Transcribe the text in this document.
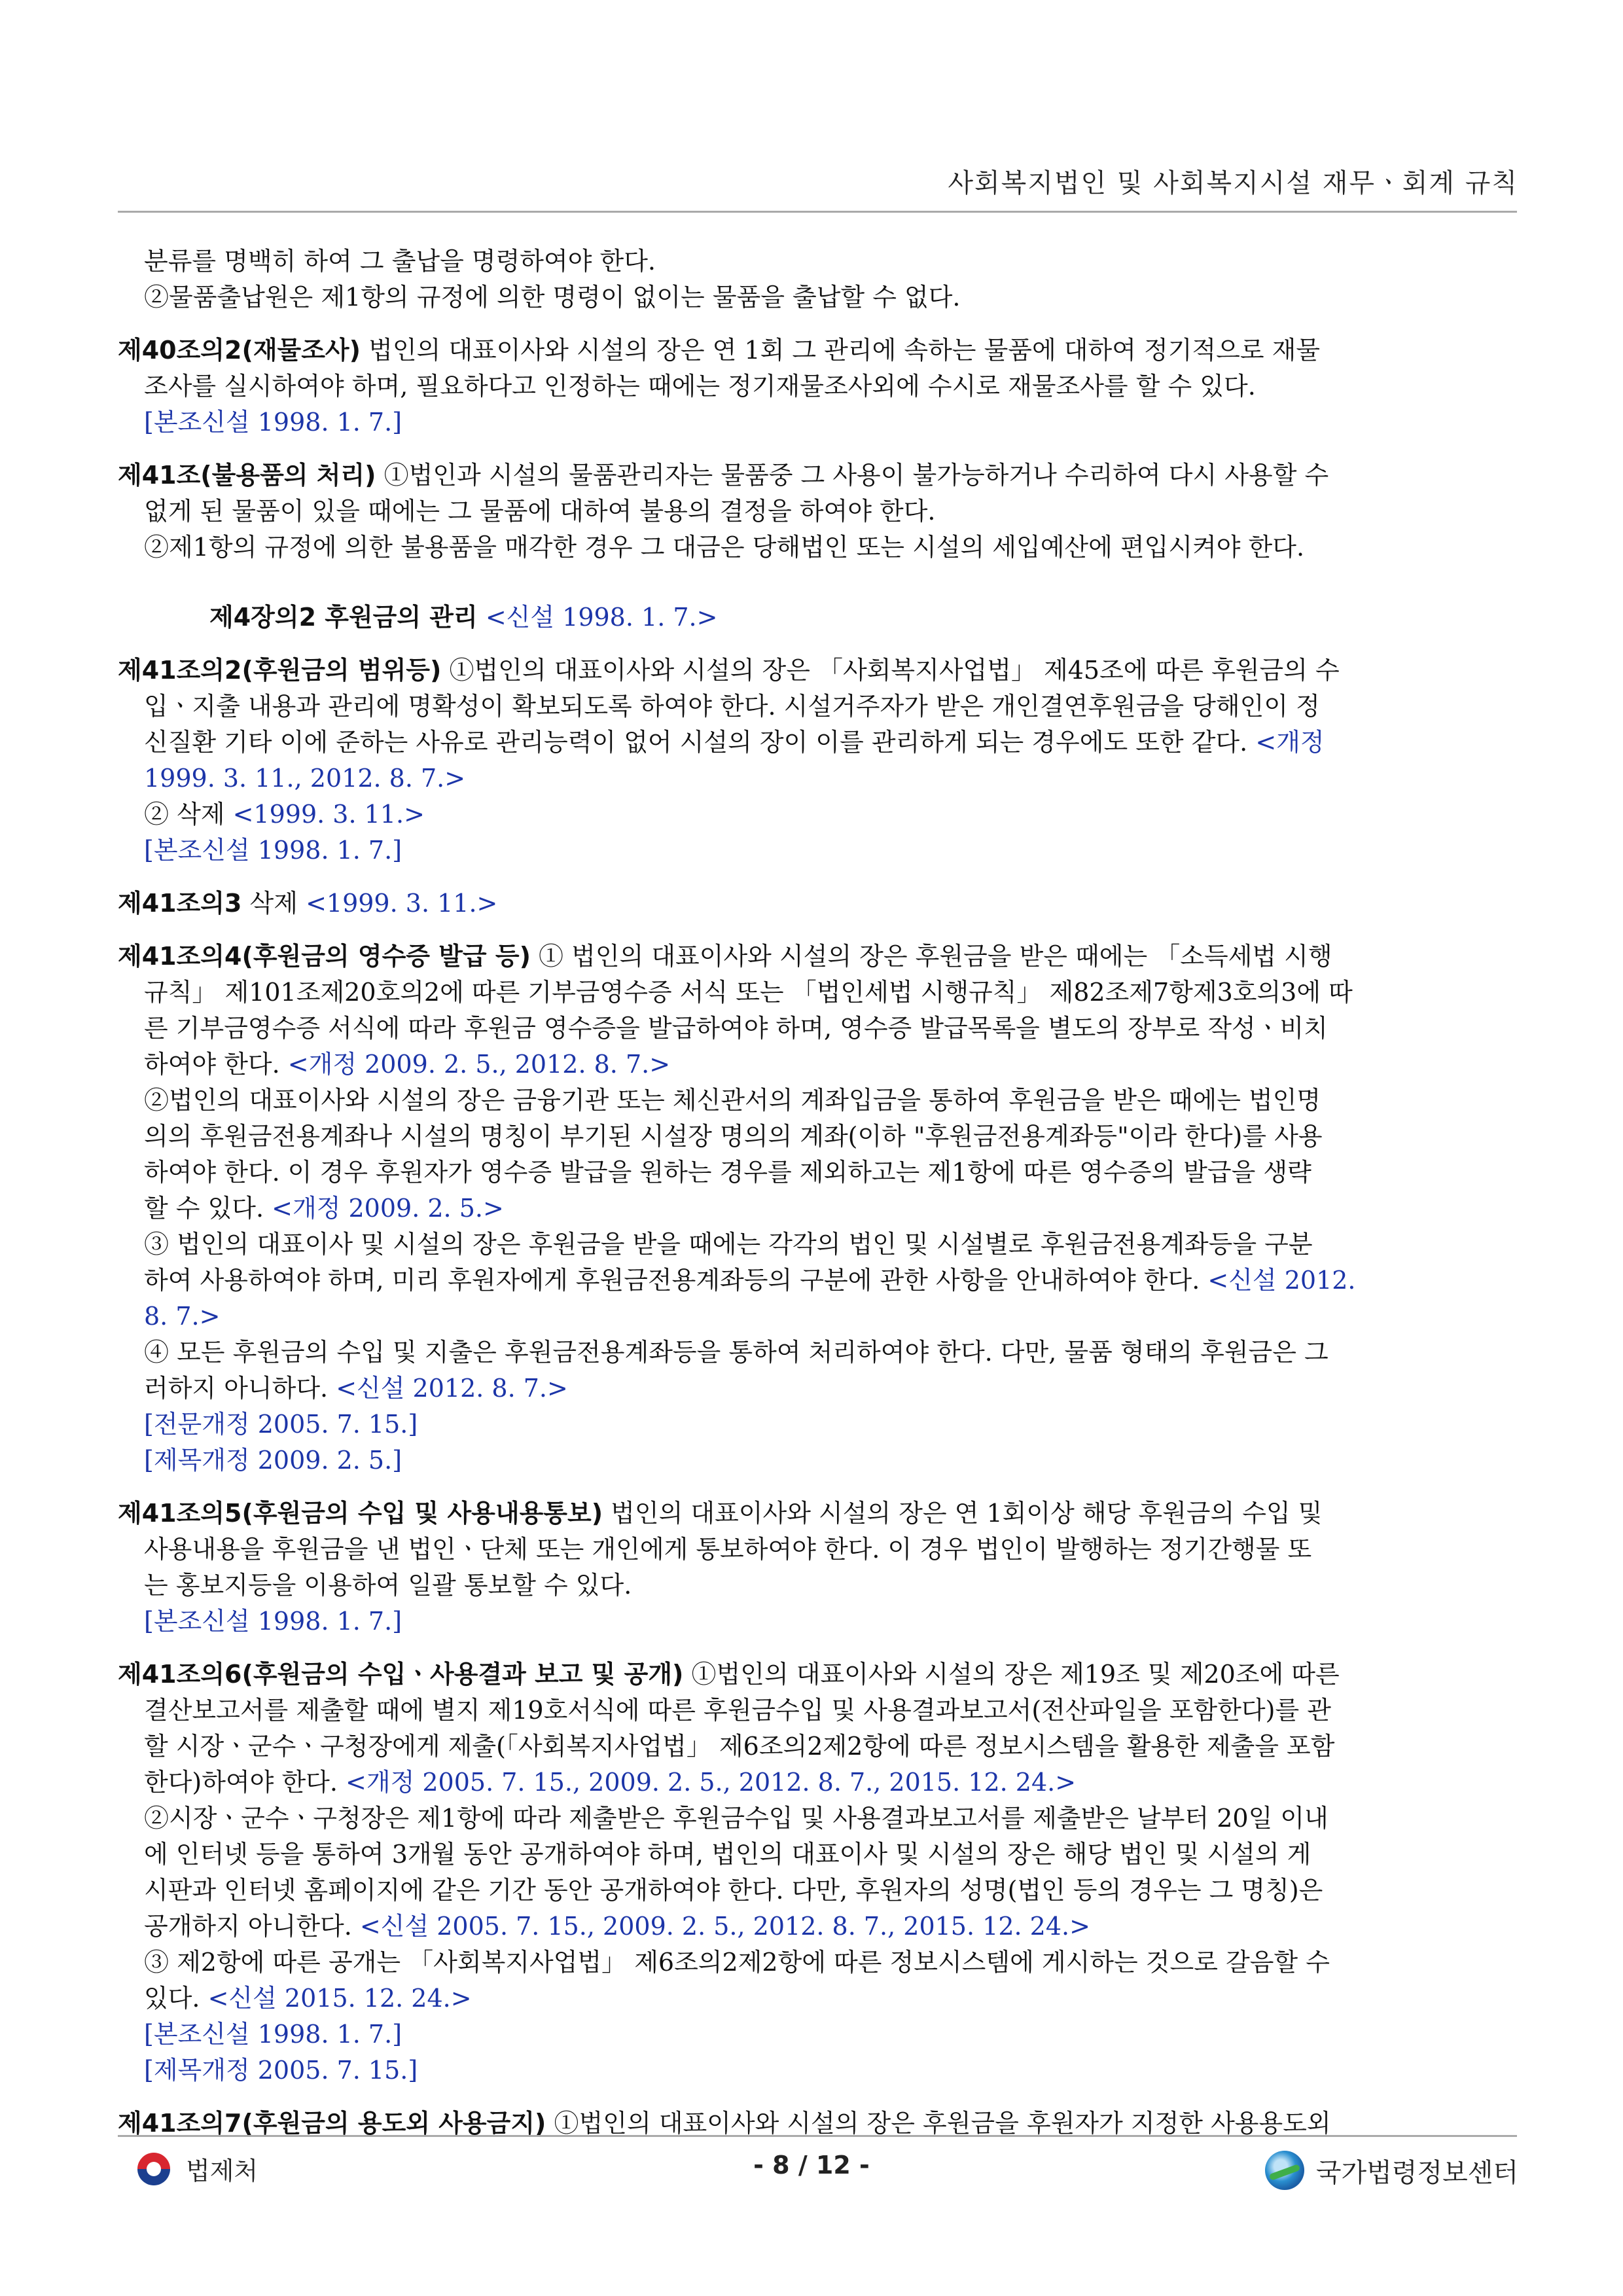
사회복지법인 및 사회복지시설 재무ㆍ회계 규칙
분류를 명백히 하여 그 출납을 명령하여야 한다.
②물품출납원은 제1항의 규정에 의한 명령이 없이는 물품을 출납할 수 없다.
제40조의2(재물조사) 법인의 대표이사와 시설의 장은 연 1회 그 관리에 속하는 물품에 대하여 정기적으로 재물
조사를 실시하여야 하며, 필요하다고 인정하는 때에는 정기재물조사외에 수시로 재물조사를 할 수 있다.
[본조신설 1998. 1. 7.]
제41조(불용품의 처리) ①법인과 시설의 물품관리자는 물품중 그 사용이 불가능하거나 수리하여 다시 사용할 수
없게 된 물품이 있을 때에는 그 물품에 대하여 불용의 결정을 하여야 한다.
②제1항의 규정에 의한 불용품을 매각한 경우 그 대금은 당해법인 또는 시설의 세입예산에 편입시켜야 한다.
제4장의2 후원금의 관리 <신설 1998. 1. 7.>
제41조의2(후원금의 범위등) ①법인의 대표이사와 시설의 장은 「사회복지사업법」 제45조에 따른 후원금의 수
입ㆍ지출 내용과 관리에 명확성이 확보되도록 하여야 한다. 시설거주자가 받은 개인결연후원금을 당해인이 정
신질환 기타 이에 준하는 사유로 관리능력이 없어 시설의 장이 이를 관리하게 되는 경우에도 또한 같다. <개정
1999. 3. 11., 2012. 8. 7.>
② 삭제 <1999. 3. 11.>
[본조신설 1998. 1. 7.]
제41조의3 삭제 <1999. 3. 11.>
제41조의4(후원금의 영수증 발급 등) ① 법인의 대표이사와 시설의 장은 후원금을 받은 때에는 「소득세법 시행
규칙」 제101조제20호의2에 따른 기부금영수증 서식 또는 「법인세법 시행규칙」 제82조제7항제3호의3에 따
른 기부금영수증 서식에 따라 후원금 영수증을 발급하여야 하며, 영수증 발급목록을 별도의 장부로 작성ㆍ비치
하여야 한다. <개정 2009. 2. 5., 2012. 8. 7.>
②법인의 대표이사와 시설의 장은 금융기관 또는 체신관서의 계좌입금을 통하여 후원금을 받은 때에는 법인명
의의 후원금전용계좌나 시설의 명칭이 부기된 시설장 명의의 계좌(이하 "후원금전용계좌등"이라 한다)를 사용
하여야 한다. 이 경우 후원자가 영수증 발급을 원하는 경우를 제외하고는 제1항에 따른 영수증의 발급을 생략
할 수 있다. <개정 2009. 2. 5.>
③ 법인의 대표이사 및 시설의 장은 후원금을 받을 때에는 각각의 법인 및 시설별로 후원금전용계좌등을 구분
하여 사용하여야 하며, 미리 후원자에게 후원금전용계좌등의 구분에 관한 사항을 안내하여야 한다. <신설 2012.
8. 7.>
④ 모든 후원금의 수입 및 지출은 후원금전용계좌등을 통하여 처리하여야 한다. 다만, 물품 형태의 후원금은 그
러하지 아니하다. <신설 2012. 8. 7.>
[전문개정 2005. 7. 15.]
[제목개정 2009. 2. 5.]
제41조의5(후원금의 수입 및 사용내용통보) 법인의 대표이사와 시설의 장은 연 1회이상 해당 후원금의 수입 및
사용내용을 후원금을 낸 법인ㆍ단체 또는 개인에게 통보하여야 한다. 이 경우 법인이 발행하는 정기간행물 또
는 홍보지등을 이용하여 일괄 통보할 수 있다.
[본조신설 1998. 1. 7.]
제41조의6(후원금의 수입ㆍ사용결과 보고 및 공개) ①법인의 대표이사와 시설의 장은 제19조 및 제20조에 따른
결산보고서를 제출할 때에 별지 제19호서식에 따른 후원금수입 및 사용결과보고서(전산파일을 포함한다)를 관
할 시장ㆍ군수ㆍ구청장에게 제출(「사회복지사업법」 제6조의2제2항에 따른 정보시스템을 활용한 제출을 포함
한다)하여야 한다. <개정 2005. 7. 15., 2009. 2. 5., 2012. 8. 7., 2015. 12. 24.>
②시장ㆍ군수ㆍ구청장은 제1항에 따라 제출받은 후원금수입 및 사용결과보고서를 제출받은 날부터 20일 이내
에 인터넷 등을 통하여 3개월 동안 공개하여야 하며, 법인의 대표이사 및 시설의 장은 해당 법인 및 시설의 게
시판과 인터넷 홈페이지에 같은 기간 동안 공개하여야 한다. 다만, 후원자의 성명(법인 등의 경우는 그 명칭)은
공개하지 아니한다. <신설 2005. 7. 15., 2009. 2. 5., 2012. 8. 7., 2015. 12. 24.>
③ 제2항에 따른 공개는 「사회복지사업법」 제6조의2제2항에 따른 정보시스템에 게시하는 것으로 갈음할 수
있다. <신설 2015. 12. 24.>
[본조신설 1998. 1. 7.]
[제목개정 2005. 7. 15.]
제41조의7(후원금의 용도외 사용금지) ①법인의 대표이사와 시설의 장은 후원금을 후원자가 지정한 사용용도외
법제처	- 8 / 12 -	국가법령정보센터
